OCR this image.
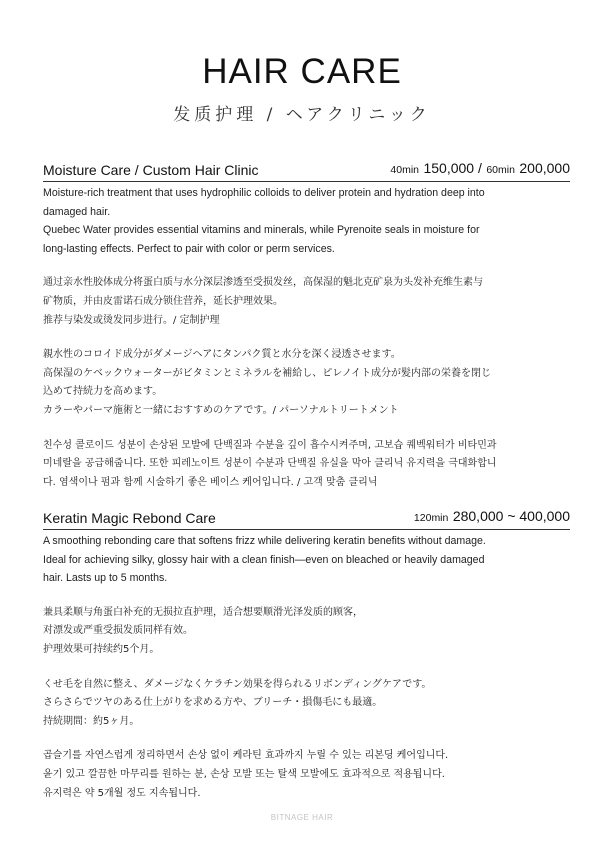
HAIR CARE
发质护理 / ヘアクリニック
Moisture Care / Custom Hair Clinic	40min 150,000 / 60min 200,000

Moisture-rich treatment that uses hydrophilic colloids to deliver protein and hydration deep into

damaged hair.

Quebec Water provides essential vitamins and minerals, while Pyrenoite seals in moisture for

long-lasting effects. Perfect to pair with color or perm services.

通过亲水性胶体成分将蛋白质与水分深层渗透至受损发丝，高保湿的魁北克矿泉为头发补充维生素与

矿物质，并由皮雷诺石成分锁住营养，延长护理效果。

推荐与染发或烫发同步进行。/ 定制护理

親水性のコロイド成分がダメージヘアにタンパク質と水分を深く浸透させます。

高保湿のケベックウォーターがビタミンとミネラルを補給し、ピレノイト成分が髪内部の栄養を閉じ

込めて持続力を高めます。

カラーやパーマ施術と一緒におすすめのケアです。/ パーソナルトリートメント

친수성 콜로이드 성분이 손상된 모발에 단백질과 수분을 깊이 흡수시켜주며, 고보습 퀘벡워터가 비타민과

미네랄을 공급해줍니다. 또한 피레노이트 성분이 수분과 단백질 유실을 막아 클리닉 유지력을 극대화합니

다. 염색이나 펌과 함께 시술하기 좋은 베이스 케어입니다. / 고객 맞춤 클리닉

Keratin Magic Rebond Care	120min 280,000 ~ 400,000

A smoothing rebonding care that softens frizz while delivering keratin benefits without damage.

Ideal for achieving silky, glossy hair with a clean finish—even on bleached or heavily damaged

hair. Lasts up to 5 months.

兼具柔顺与角蛋白补充的无损拉直护理，适合想要顺滑光泽发质的顾客，

对漂发或严重受损发质同样有效。

护理效果可持续约5个月。

くせ毛を自然に整え、ダメージなくケラチン効果を得られるリボンディングケアです。

さらさらでツヤのある仕上がりを求める方や、ブリーチ・損傷毛にも最適。

持続期間：約5ヶ月。

곱슬기를 자연스럽게 정리하면서 손상 없이 케라틴 효과까지 누릴 수 있는 리본딩 케어입니다.

윤기 있고 깔끔한 마무리를 원하는 분, 손상 모발 또는 탈색 모발에도 효과적으로 적용됩니다.

유지력은 약 5개월 정도 지속됩니다.

BITNAGE HAIR
